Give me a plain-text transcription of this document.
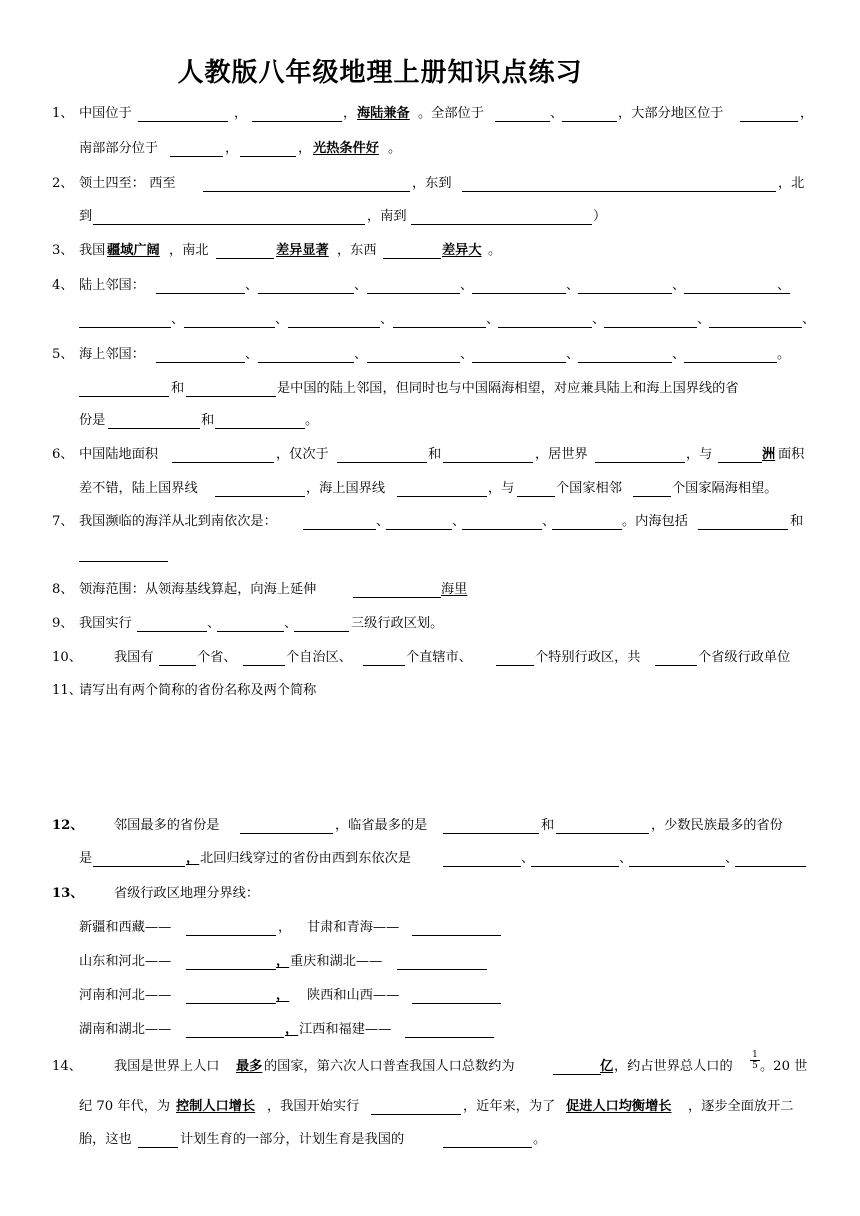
人教版八年级地理上册知识点练习
1、 中国位于	，	， 海陆兼备 。全部位于	、	，大部分地区位于	，
南部部分位于	，	， 光热条件好 。
2、 领土四至： 西至	，东到	，北
到	，南到	）
3、 我国 疆域广阔 ，南北	差异显著 ，东西	差异大 。
4、 陆上邻国：	、	、	、	、	、	、
、	、	、	、	、	、	、
5、 海上邻国：	、	、	、	、	、	。
和	是中国的陆上邻国，但同时也与中国隔海相望，对应兼具陆上和海上国界线的省
份是	和	。
6、 中国陆地面积	，仅次于	和	，居世界	，与	洲 面积
差不错，陆上国界线	，海上国界线	，与	个国家相邻	个国家隔海相望。
7、 我国濒临的海洋从北到南依次是：	、	、	、	。内海包括	和
8、 领海范围：从领海基线算起，向海上延伸	海里
9、 我国实行	、	、	三级行政区划。
10、 我国有	个省、	个自治区、	个直辖市、	个特别行政区，共	个省级行政单位
11、
请写出有两个简称的省份名称及两个简称
12、 邻国最多的省份是	，临省最多的是	和	，少数民族最多的省份
是	， 北回归线穿过的省份由西到东依次是	、	、	、
13、 省级行政区地理分界线：
新疆和西藏——	， 甘肃和青海——
山东和河北——	， 重庆和湖北——
河南和河北——	， 陕西和山西——
湖南和湖北——	， 江西和福建——
14、 我国是世界上人口 最多 的国家，第六次人口普查我国人口总数约为	亿 ，约占世界总人口的
1
5 。20 世
纪 70 年代，为 控制人口增长 ，我国开始实行	，近年来，为了 促进人口均衡增长 ，逐步全面放开二
胎，这也	计划生育的一部分，计划生育是我国的	。
